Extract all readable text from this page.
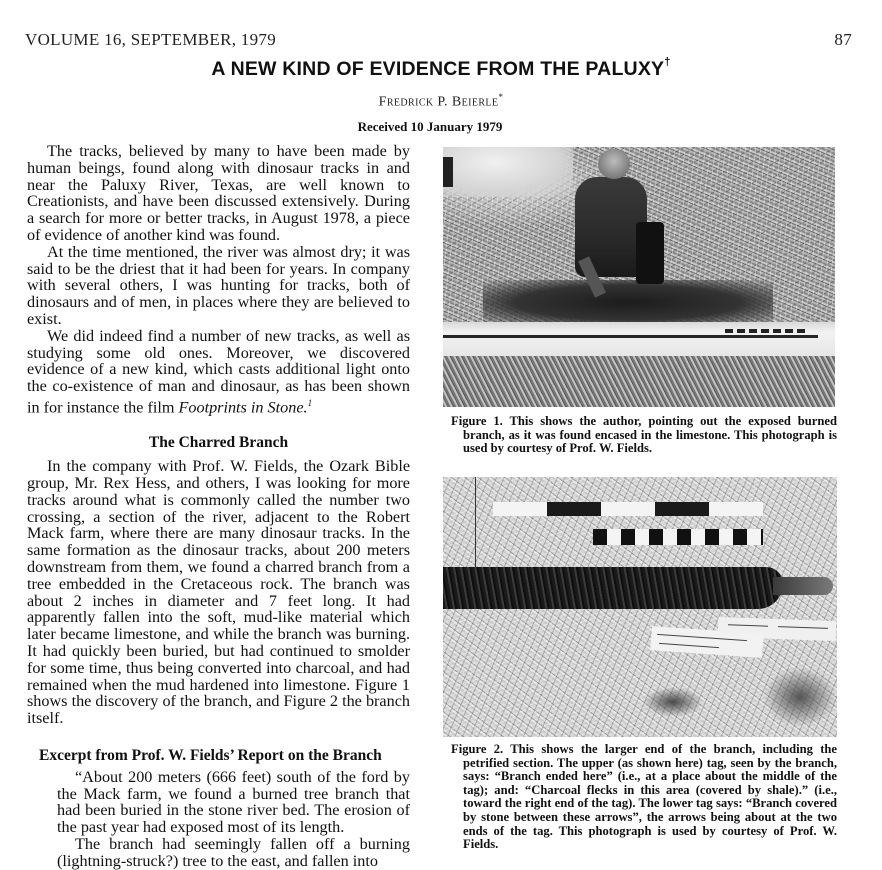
VOLUME 16, SEPTEMBER, 1979	87
A NEW KIND OF EVIDENCE FROM THE PALUXY†
Fredrick P. Beierle*
Received 10 January 1979

The tracks, believed by many to have been made by human beings, found along with dinosaur tracks in and near the Paluxy River, Texas, are well known to Creationists, and have been discussed extensively. During a search for more or better tracks, in August 1978, a piece of evidence of another kind was found.

At the time mentioned, the river was almost dry; it was said to be the driest that it had been for years. In company with several others, I was hunting for tracks, both of dinosaurs and of men, in places where they are believed to exist.

We did indeed find a number of new tracks, as well as studying some old ones. Moreover, we discovered evidence of a new kind, which casts additional light onto the co-existence of man and dinosaur, as has been shown in for instance the film Footprints in Stone.$^1$

The Charred Branch

In the company with Prof. W. Fields, the Ozark Bible group, Mr. Rex Hess, and others, I was looking for more tracks around what is commonly called the number two crossing, a section of the river, adjacent to the Robert Mack farm, where there are many dinosaur tracks. In the same formation as the dinosaur tracks, about 200 meters downstream from them, we found a charred branch from a tree embedded in the Cretaceous rock. The branch was about 2 inches in diameter and 7 feet long. It had apparently fallen into the soft, mud-like material which later became limestone, and while the branch was burning. It had quickly been buried, but had continued to smolder for some time, thus being converted into charcoal, and had remained when the mud hardened into limestone. Figure 1 shows the discovery of the branch, and Figure 2 the branch itself.

Excerpt from Prof. W. Fields’ Report on the Branch

“About 200 meters (666 feet) south of the ford by the Mack farm, we found a burned tree branch that had been buried in the stone river bed. The erosion of the past year had exposed most of its length.

The branch had seemingly fallen off a burning (lightning-struck?) tree to the east, and fallen into

Figure 1. This shows the author, pointing out the exposed burned branch, as it was found encased in the limestone. This photograph is used by courtesy of Prof. W. Fields.

Figure 2. This shows the larger end of the branch, including the petrified section. The upper (as shown here) tag, seen by the branch, says: “Branch ended here” (i.e., at a place about the middle of the tag); and: “Charcoal flecks in this area (covered by shale).” (i.e., toward the right end of the tag). The lower tag says: “Branch covered by stone between these arrows”, the arrows being about at the two ends of the tag. This photograph is used by courtesy of Prof. W. Fields.
